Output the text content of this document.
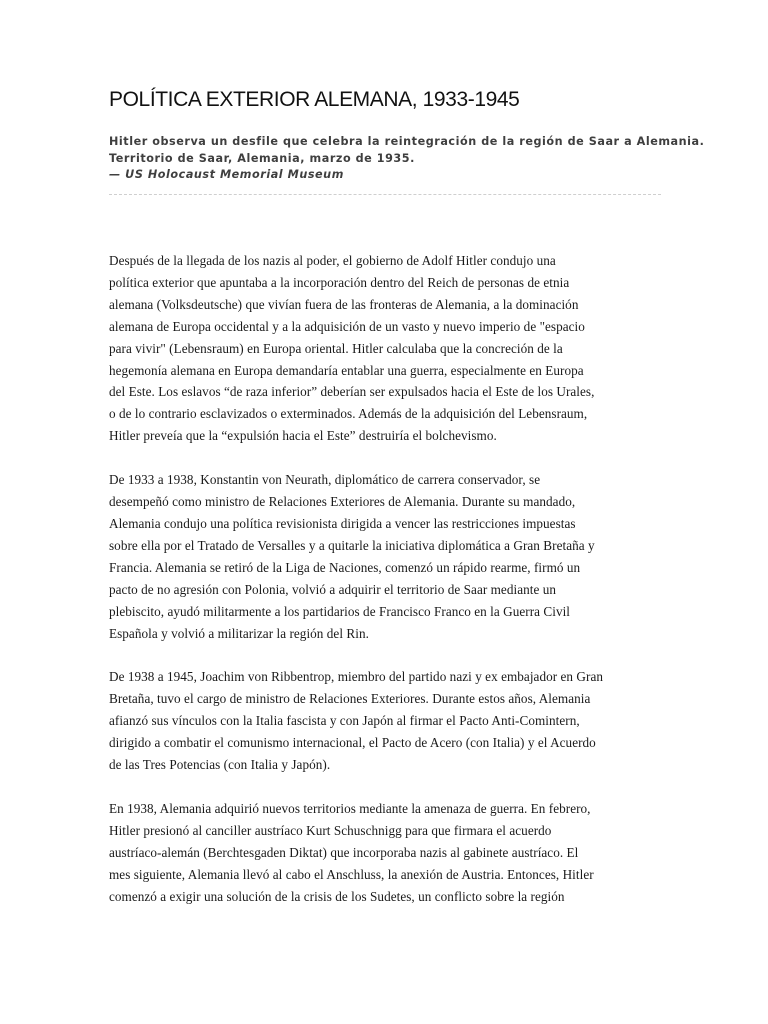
POLÍTICA EXTERIOR ALEMANA, 1933-1945
Hitler observa un desfile que celebra la reintegración de la región de Saar a Alemania.
Territorio de Saar, Alemania, marzo de 1935.
— US Holocaust Memorial Museum

Después de la llegada de los nazis al poder, el gobierno de Adolf Hitler condujo una
política exterior que apuntaba a la incorporación dentro del Reich de personas de etnia
alemana (Volksdeutsche) que vivían fuera de las fronteras de Alemania, a la dominación
alemana de Europa occidental y a la adquisición de un vasto y nuevo imperio de "espacio
para vivir" (Lebensraum) en Europa oriental. Hitler calculaba que la concreción de la
hegemonía alemana en Europa demandaría entablar una guerra, especialmente en Europa
del Este. Los eslavos “de raza inferior” deberían ser expulsados hacia el Este de los Urales,
o de lo contrario esclavizados o exterminados. Además de la adquisición del Lebensraum,
Hitler preveía que la “expulsión hacia el Este” destruiría el bolchevismo.

De 1933 a 1938, Konstantin von Neurath, diplomático de carrera conservador, se
desempeñó como ministro de Relaciones Exteriores de Alemania. Durante su mandado,
Alemania condujo una política revisionista dirigida a vencer las restricciones impuestas
sobre ella por el Tratado de Versalles y a quitarle la iniciativa diplomática a Gran Bretaña y
Francia. Alemania se retiró de la Liga de Naciones, comenzó un rápido rearme, firmó un
pacto de no agresión con Polonia, volvió a adquirir el territorio de Saar mediante un
plebiscito, ayudó militarmente a los partidarios de Francisco Franco en la Guerra Civil
Española y volvió a militarizar la región del Rin.

De 1938 a 1945, Joachim von Ribbentrop, miembro del partido nazi y ex embajador en Gran
Bretaña, tuvo el cargo de ministro de Relaciones Exteriores. Durante estos años, Alemania
afianzó sus vínculos con la Italia fascista y con Japón al firmar el Pacto Anti-Comintern,
dirigido a combatir el comunismo internacional, el Pacto de Acero (con Italia) y el Acuerdo
de las Tres Potencias (con Italia y Japón).

En 1938, Alemania adquirió nuevos territorios mediante la amenaza de guerra. En febrero,
Hitler presionó al canciller austríaco Kurt Schuschnigg para que firmara el acuerdo
austríaco-alemán (Berchtesgaden Diktat) que incorporaba nazis al gabinete austríaco. El
mes siguiente, Alemania llevó al cabo el Anschluss, la anexión de Austria. Entonces, Hitler
comenzó a exigir una solución de la crisis de los Sudetes, un conflicto sobre la región
